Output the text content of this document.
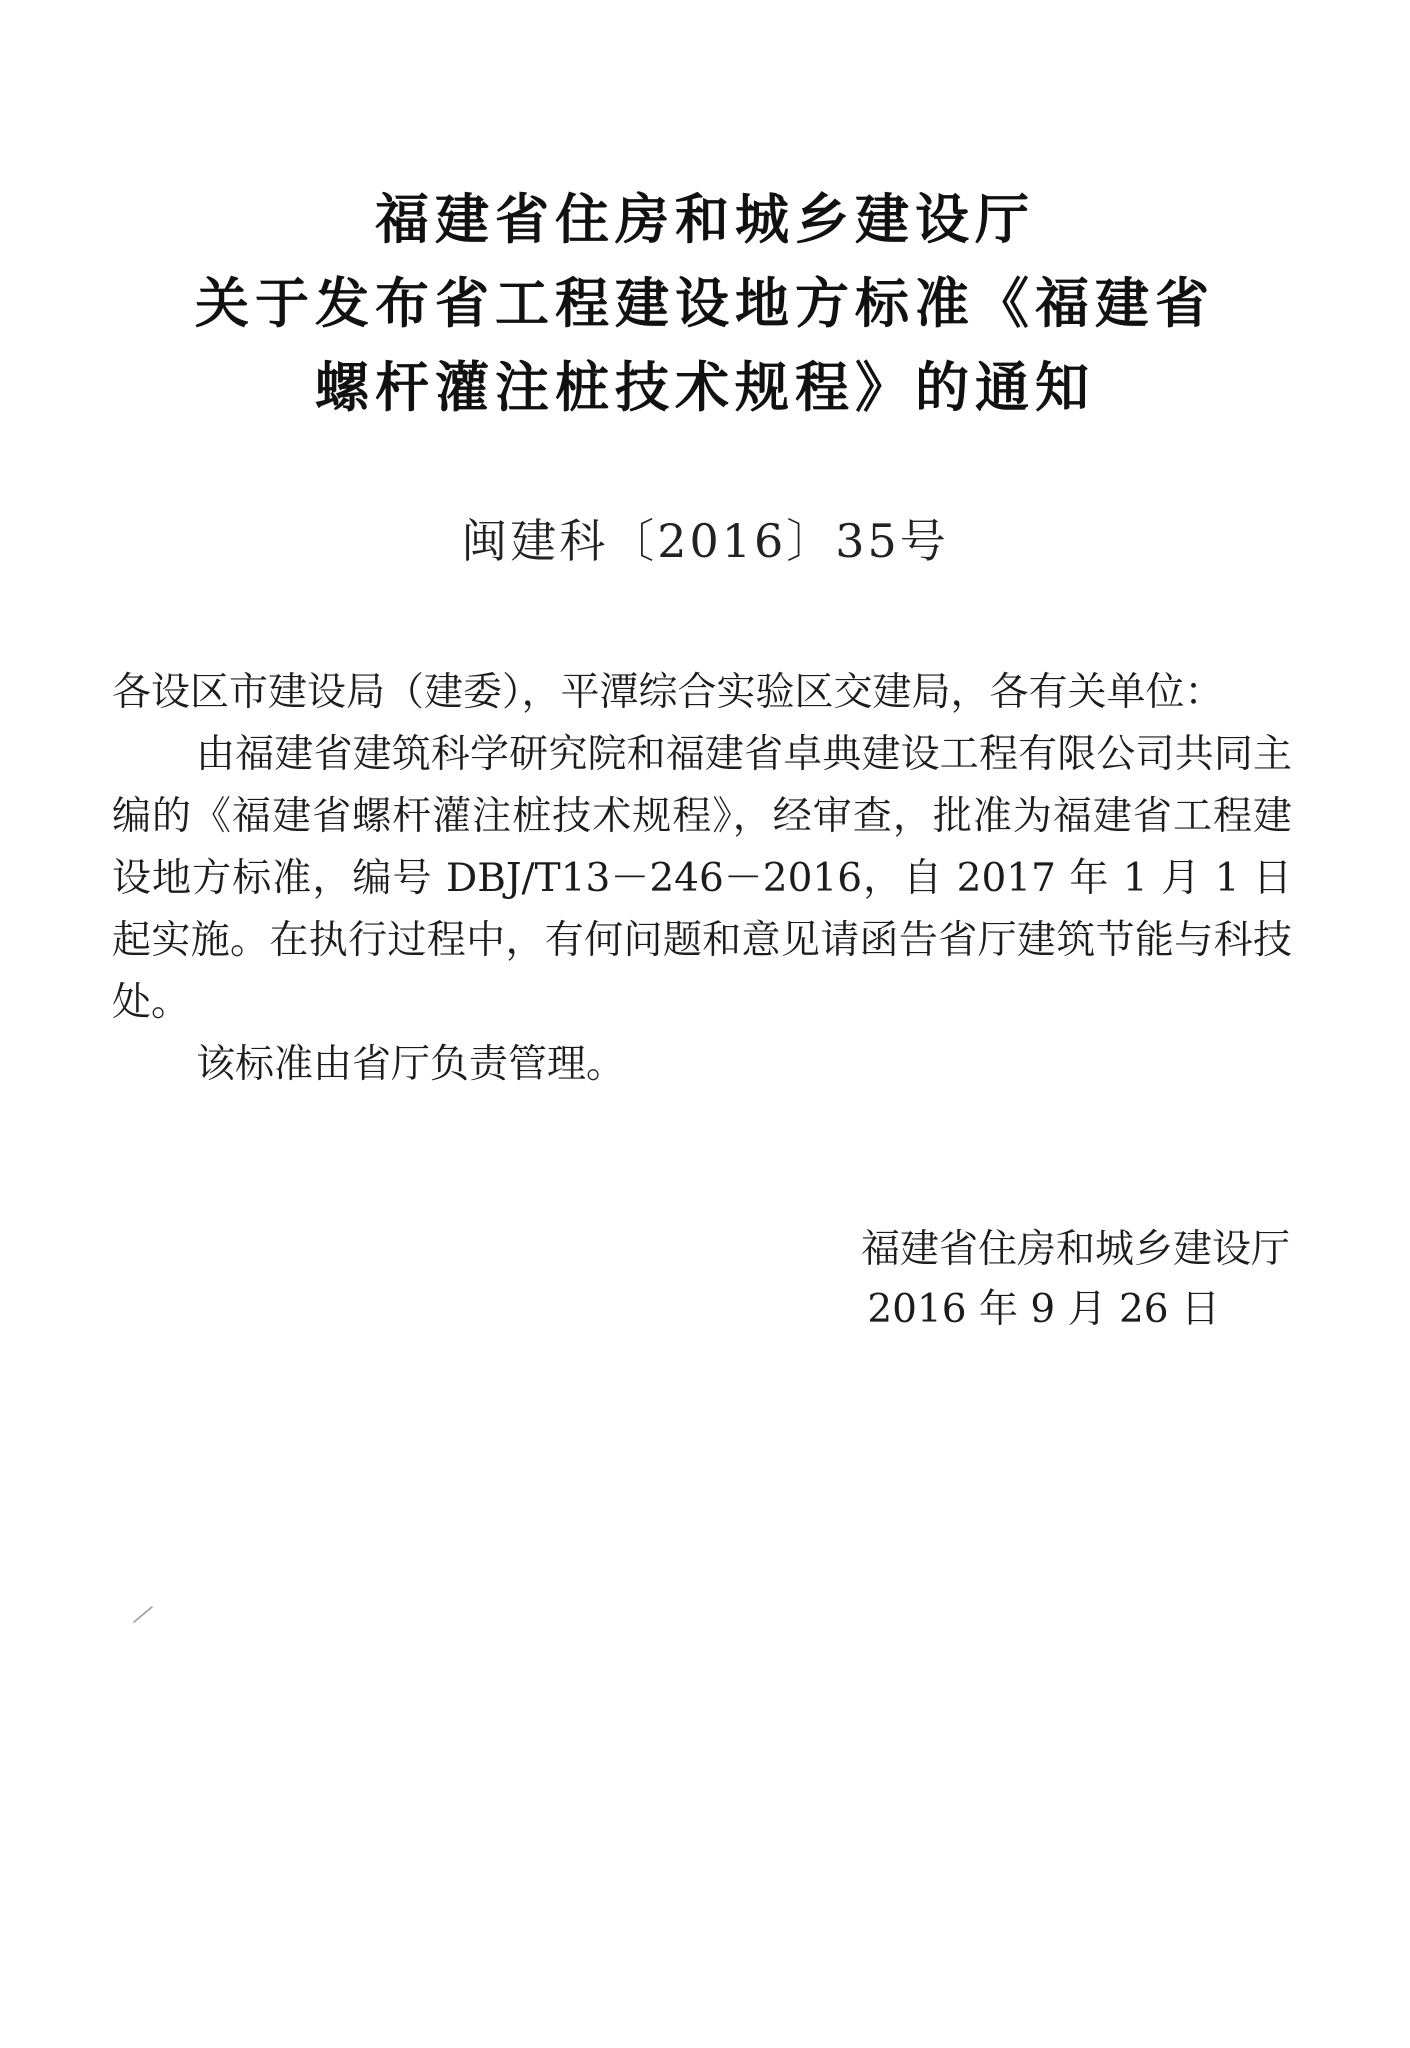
福建省住房和城乡建设厅
关于发布省工程建设地方标准《福建省
螺杆灌注桩技术规程》的通知
闽建科〔2016〕35号

各设区市建设局（建委），平潭综合实验区交建局，各有关单位：

由福建省建筑科学研究院和福建省卓典建设工程有限公司共同主编的《福建省螺杆灌注桩技术规程》，经审查，批准为福建省工程建设地方标准，编号 DBJ/T13－246－2016，自 2017 年 1 月 1 日起实施。在执行过程中，有何问题和意见请函告省厅建筑节能与科技处。

该标准由省厅负责管理。

福建省住房和城乡建设厅
2016 年 9 月 26 日
